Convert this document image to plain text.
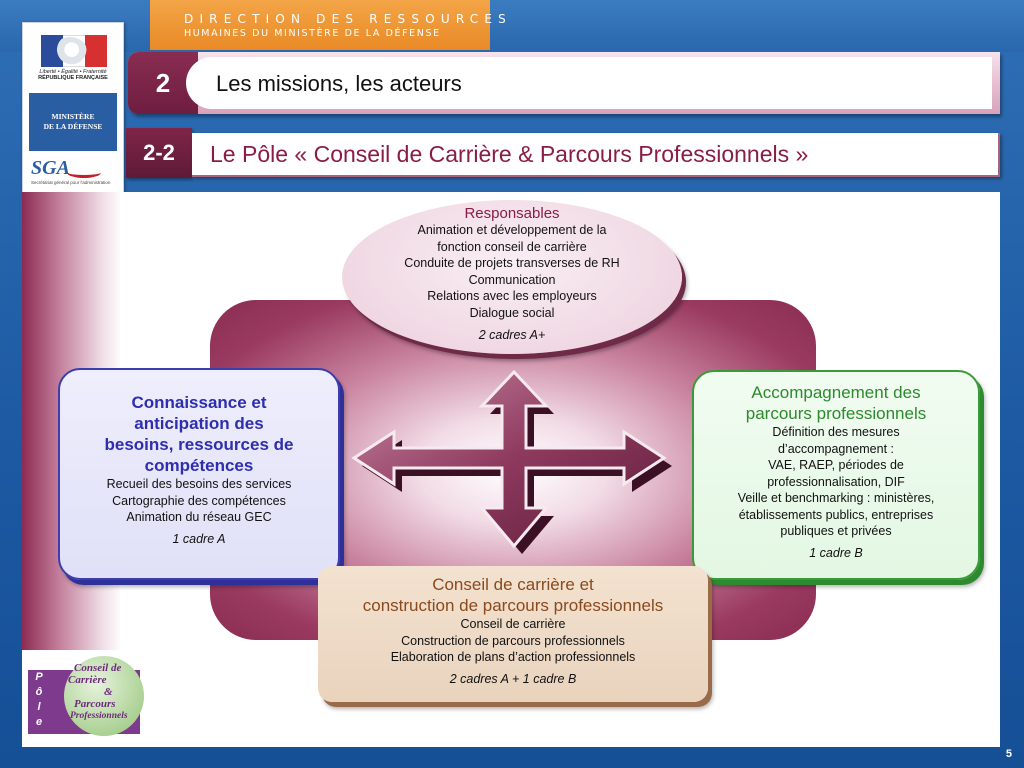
DIRECTION DES RESSOURCES
HUMAINES DU MINISTÈRE DE LA DÉFENSE
Liberté • Égalité • Fraternité
RÉPUBLIQUE FRANÇAISE
MINISTÈRE
DE LA DÉFENSE
SGA
Secrétariat général pour l'administration
2	Les missions, les acteurs
2-2	Le Pôle « Conseil de Carrière & Parcours Professionnels »
Responsables
Animation et développement de la
fonction conseil de carrière
Conduite de projets transverses de RH
Communication
Relations avec les employeurs
Dialogue social
2 cadres A+
Connaissance et
anticipation des
besoins, ressources de
compétences
Recueil des besoins des services
Cartographie des compétences
Animation du réseau GEC
1 cadre A
Accompagnement des
parcours professionnels
Définition des mesures
d’accompagnement :
VAE, RAEP, périodes de
professionnalisation, DIF
Veille et benchmarking : ministères,
établissements publics, entreprises
publiques et privées
1 cadre B
Conseil de carrière et
construction de parcours professionnels
Conseil de carrière
Construction de parcours professionnels
Elaboration de plans d’action professionnels
2 cadres A + 1 cadre B
P
ô
l
e
Conseil de
Carrière
&
Parcours
Professionnels
5
